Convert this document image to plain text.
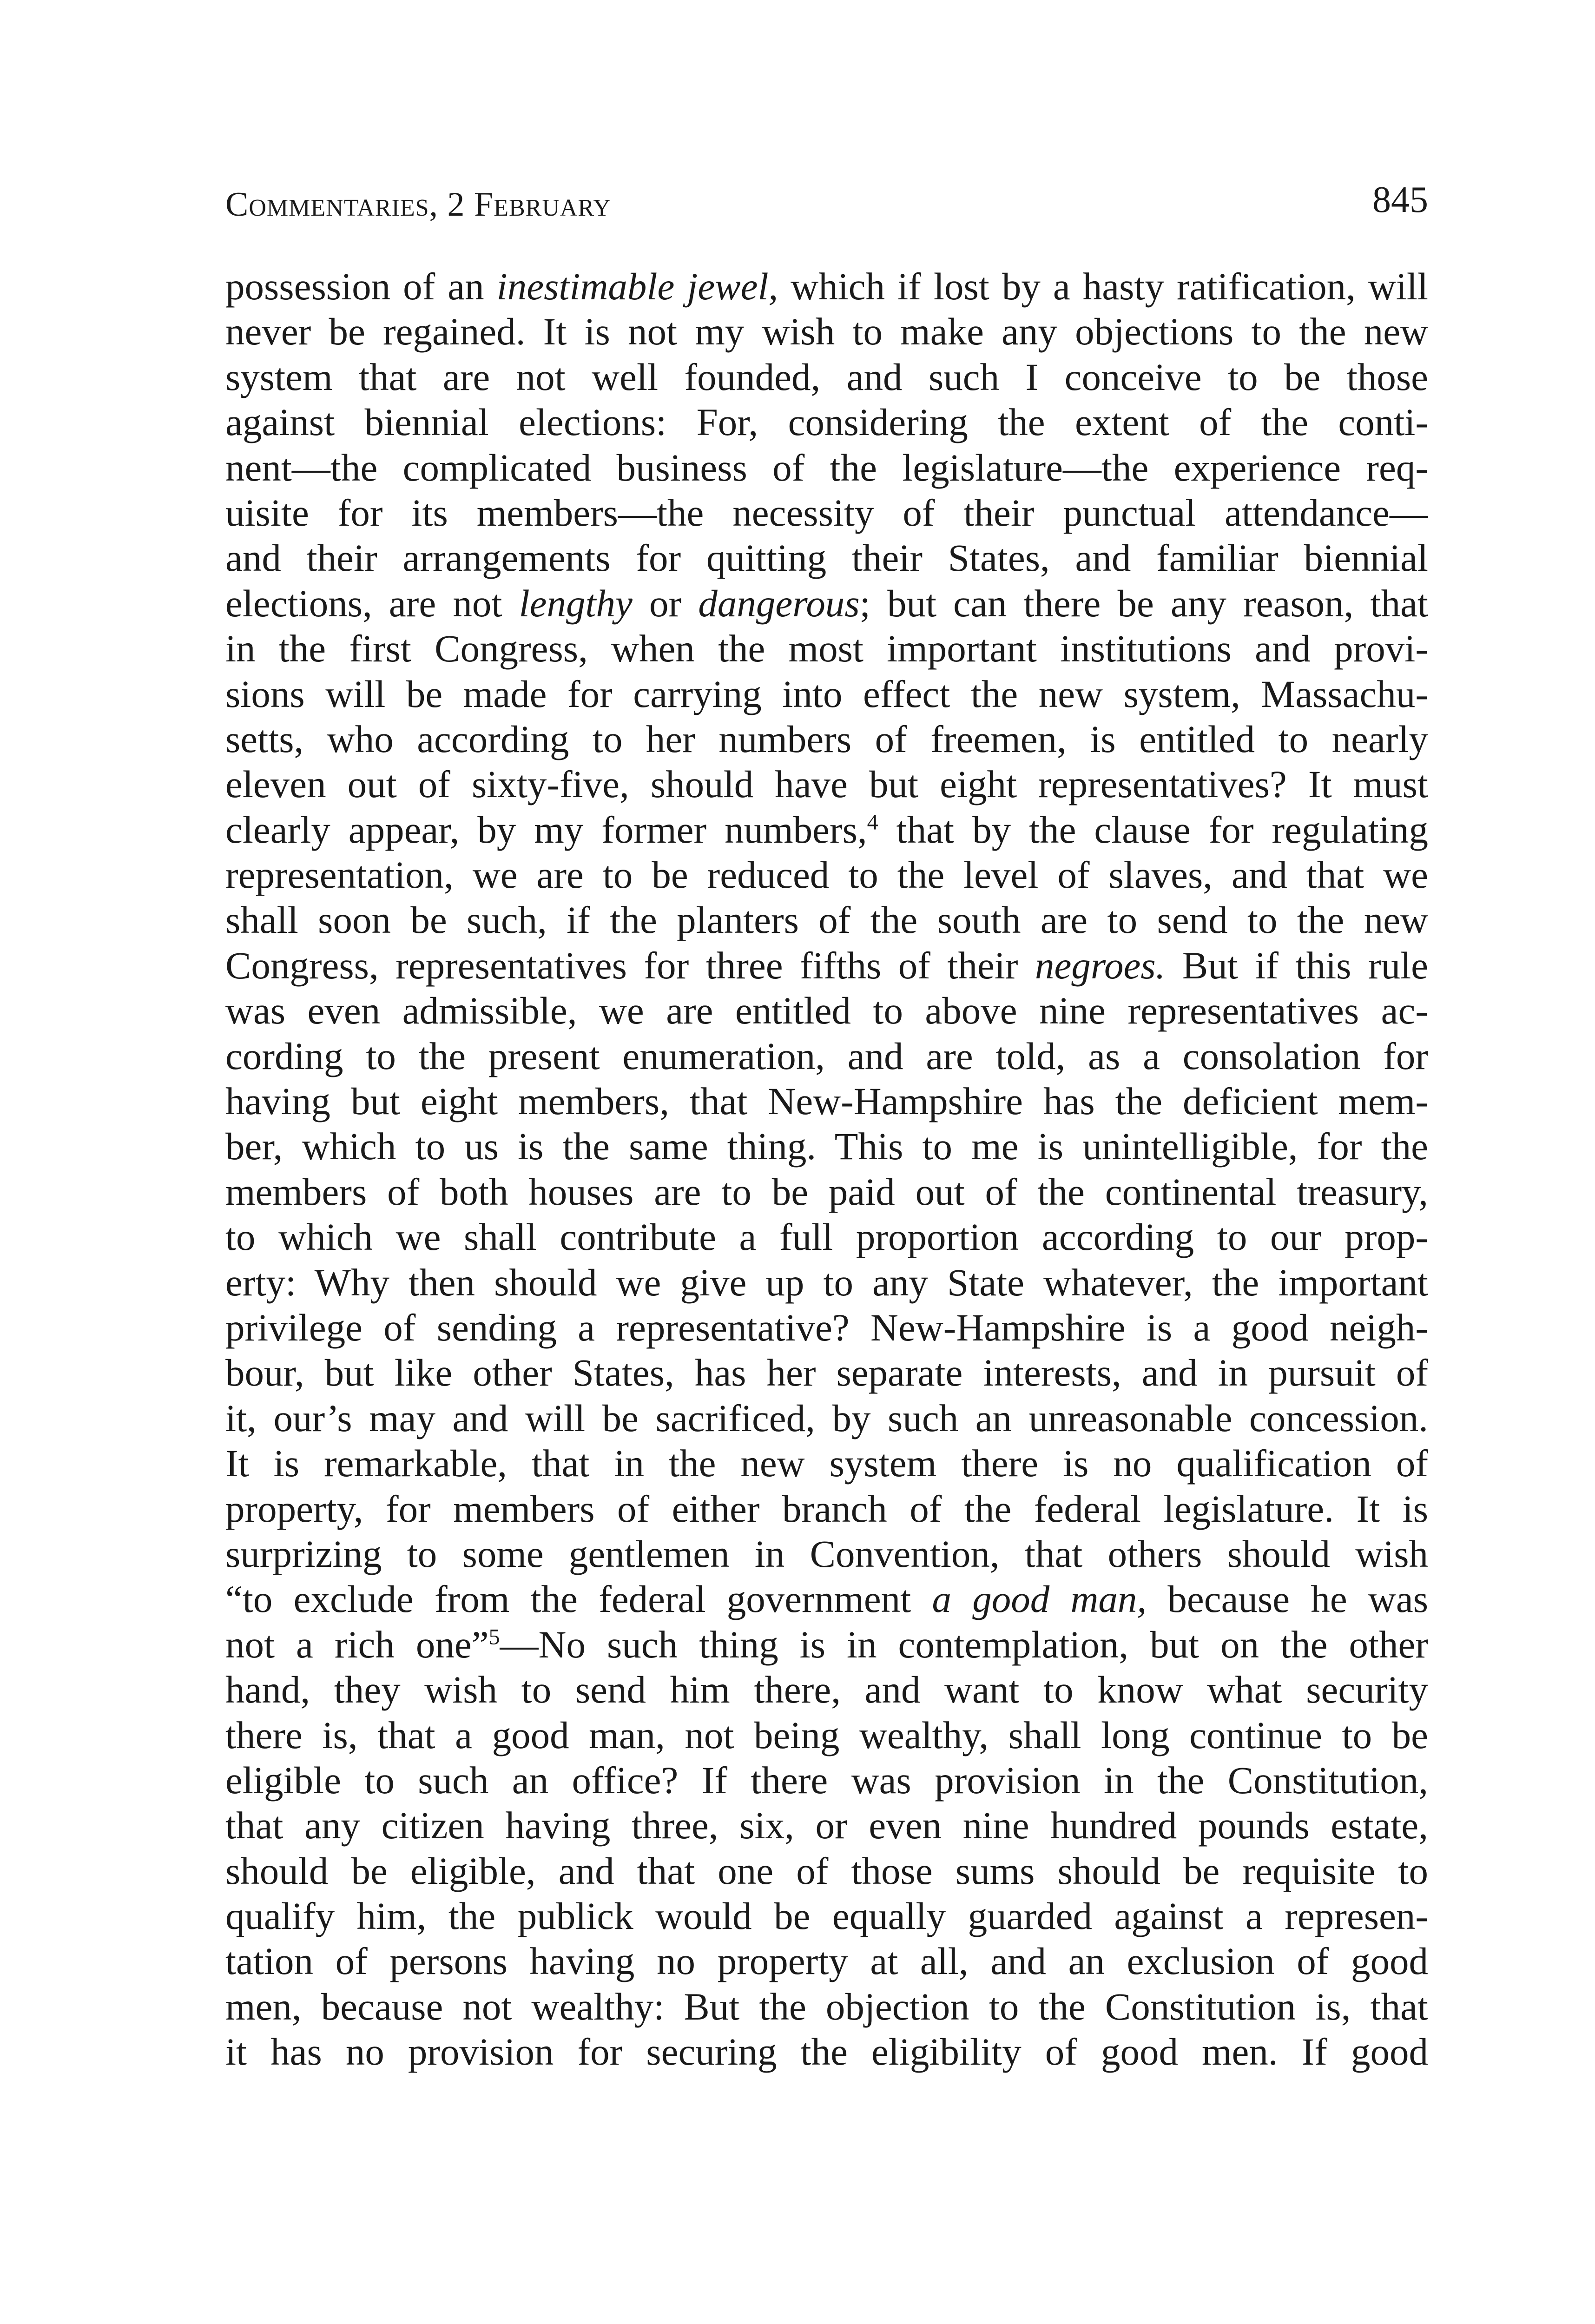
Commentaries, 2 February	845
possession of an inestimable jewel, which if lost by a hasty ratification, will
never be regained. It is not my wish to make any objections to the new
system that are not well founded, and such I conceive to be those
against biennial elections: For, considering the extent of the conti-
nent—the complicated business of the legislature—the experience req-
uisite for its members—the necessity of their punctual attendance—
and their arrangements for quitting their States, and familiar biennial
elections, are not lengthy or dangerous; but can there be any reason, that
in the first Congress, when the most important institutions and provi-
sions will be made for carrying into effect the new system, Massachu-
setts, who according to her numbers of freemen, is entitled to nearly
eleven out of sixty-five, should have but eight representatives? It must
clearly appear, by my former numbers,$^4$ that by the clause for regulating
representation, we are to be reduced to the level of slaves, and that we
shall soon be such, if the planters of the south are to send to the new
Congress, representatives for three fifths of their negroes. But if this rule
was even admissible, we are entitled to above nine representatives ac-
cording to the present enumeration, and are told, as a consolation for
having but eight members, that New-Hampshire has the deficient mem-
ber, which to us is the same thing. This to me is unintelligible, for the
members of both houses are to be paid out of the continental treasury,
to which we shall contribute a full proportion according to our prop-
erty: Why then should we give up to any State whatever, the important
privilege of sending a representative? New-Hampshire is a good neigh-
bour, but like other States, has her separate interests, and in pursuit of
it, our’s may and will be sacrificed, by such an unreasonable concession.
It is remarkable, that in the new system there is no qualification of
property, for members of either branch of the federal legislature. It is
surprizing to some gentlemen in Convention, that others should wish
“to exclude from the federal government a good man, because he was
not a rich one”$^5$—No such thing is in contemplation, but on the other
hand, they wish to send him there, and want to know what security
there is, that a good man, not being wealthy, shall long continue to be
eligible to such an office? If there was provision in the Constitution,
that any citizen having three, six, or even nine hundred pounds estate,
should be eligible, and that one of those sums should be requisite to
qualify him, the publick would be equally guarded against a represen-
tation of persons having no property at all, and an exclusion of good
men, because not wealthy: But the objection to the Constitution is, that
it has no provision for securing the eligibility of good men. If good
